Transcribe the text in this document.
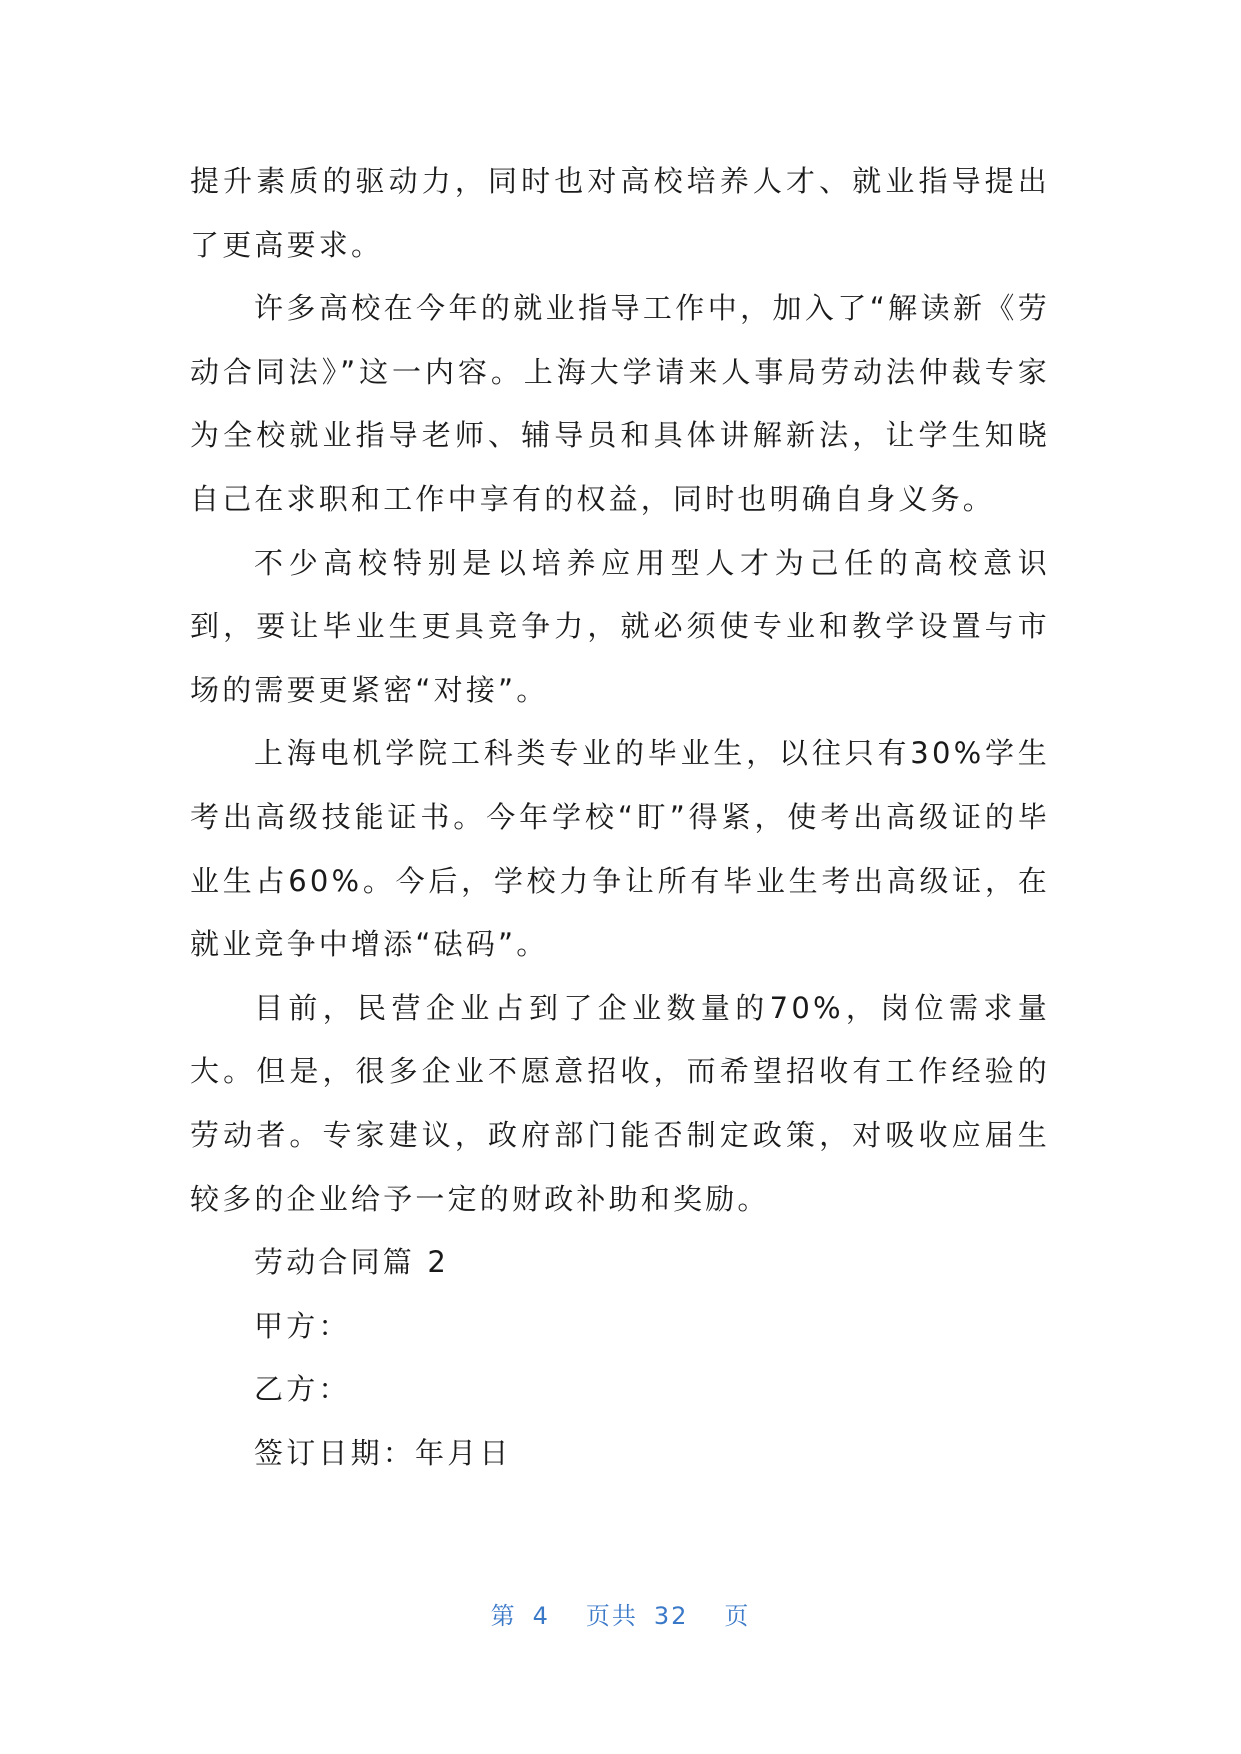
提升素质的驱动力，同时也对高校培养人才、就业指导提出了更高要求。

许多高校在今年的就业指导工作中，加入了“解读新《劳动合同法》”这一内容。上海大学请来人事局劳动法仲裁专家为全校就业指导老师、辅导员和具体讲解新法，让学生知晓自己在求职和工作中享有的权益，同时也明确自身义务。

不少高校特别是以培养应用型人才为己任的高校意识到，要让毕业生更具竞争力，就必须使专业和教学设置与市场的需要更紧密“对接”。

上海电机学院工科类专业的毕业生，以往只有30%学生考出高级技能证书。今年学校“盯”得紧，使考出高级证的毕业生占60%。今后，学校力争让所有毕业生考出高级证，在就业竞争中增添“砝码”。

目前，民营企业占到了企业数量的70%，岗位需求量大。但是，很多企业不愿意招收，而希望招收有工作经验的劳动者。专家建议，政府部门能否制定政策，对吸收应届生较多的企业给予一定的财政补助和奖励。

劳动合同篇 2

甲方：

乙方：

签订日期：年月日

第 4 页共 32 页
